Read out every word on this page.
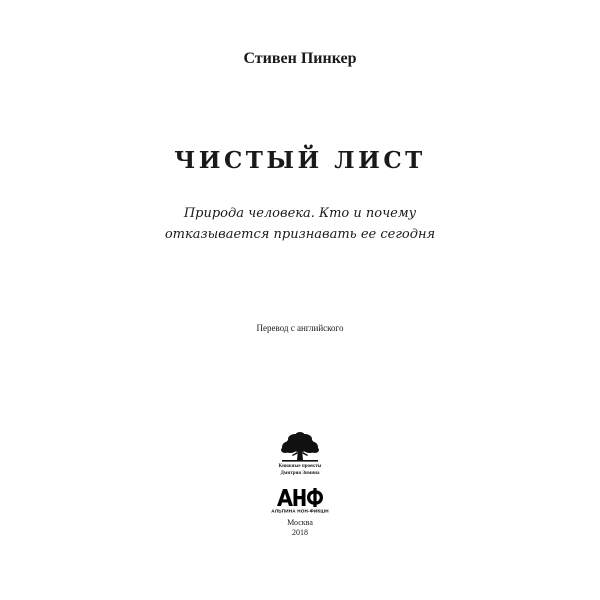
Стивен Пинкер
ЧИСТЫЙ ЛИСТ
Природа человека. Кто и почему
отказывается признавать ее сегодня
Перевод с английского
Книжные проекты
Дмитрия Зимина
АЛЬПИНА НОН-ФИКШН
Москва
2018
